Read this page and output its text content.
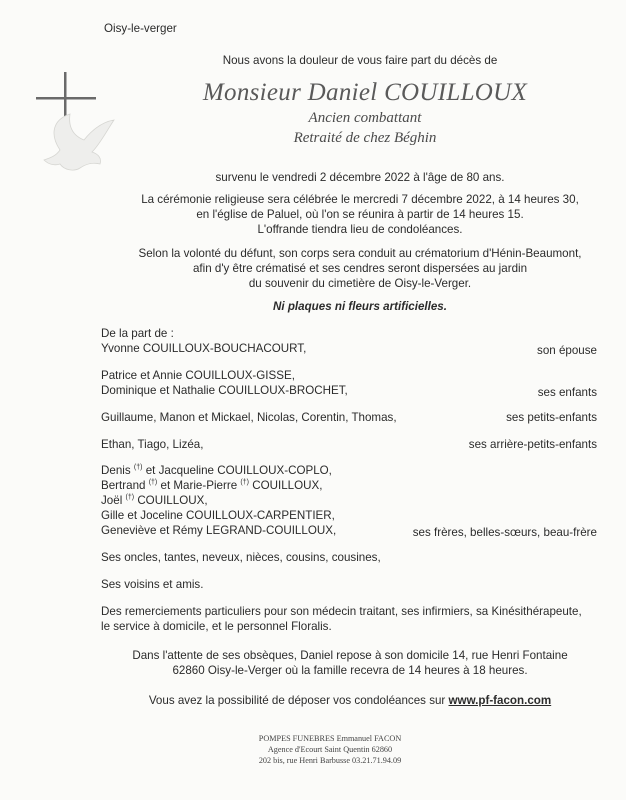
Oisy-le-verger
Nous avons la douleur de vous faire part du décès de
Monsieur Daniel COUILLOUX
Ancien combattant
Retraité de chez Béghin
survenu le vendredi 2 décembre 2022 à l'âge de 80 ans.
La cérémonie religieuse sera célébrée le mercredi 7 décembre 2022, à 14 heures 30,
en l'église de Paluel, où l'on se réunira à partir de 14 heures 15.
L'offrande tiendra lieu de condoléances.
Selon la volonté du défunt, son corps sera conduit au crématorium d'Hénin-Beaumont,
afin d'y être crématisé et ses cendres seront dispersées au jardin
du souvenir du cimetière de Oisy-le-Verger.
Ni plaques ni fleurs artificielles.
De la part de :
Yvonne COUILLOUX-BOUCHACOURT,	son épouse
Patrice et Annie COUILLOUX-GISSE,
Dominique et Nathalie COUILLOUX-BROCHET,	ses enfants
Guillaume, Manon et Mickael, Nicolas, Corentin, Thomas,	ses petits-enfants
Ethan, Tiago, Lizéa,	ses arrière-petits-enfants
Denis (†) et Jacqueline COUILLOUX-COPLO,
Bertrand (†) et Marie-Pierre (†) COUILLOUX,
Joël (†) COUILLOUX,
Gille et Joceline COUILLOUX-CARPENTIER,
Geneviève et Rémy LEGRAND-COUILLOUX,	ses frères, belles-sœurs, beau-frère
Ses oncles, tantes, neveux, nièces, cousins, cousines,
Ses voisins et amis.
Des remerciements particuliers pour son médecin traitant, ses infirmiers, sa Kinésithérapeute,
le service à domicile, et le personnel Floralis.
Dans l'attente de ses obsèques, Daniel repose à son domicile 14, rue Henri Fontaine
62860 Oisy-le-Verger où la famille recevra de 14 heures à 18 heures.
Vous avez la possibilité de déposer vos condoléances sur www.pf-facon.com
POMPES FUNEBRES Emmanuel FACON
Agence d'Ecourt Saint Quentin 62860
202 bis, rue Henri Barbusse 03.21.71.94.09
